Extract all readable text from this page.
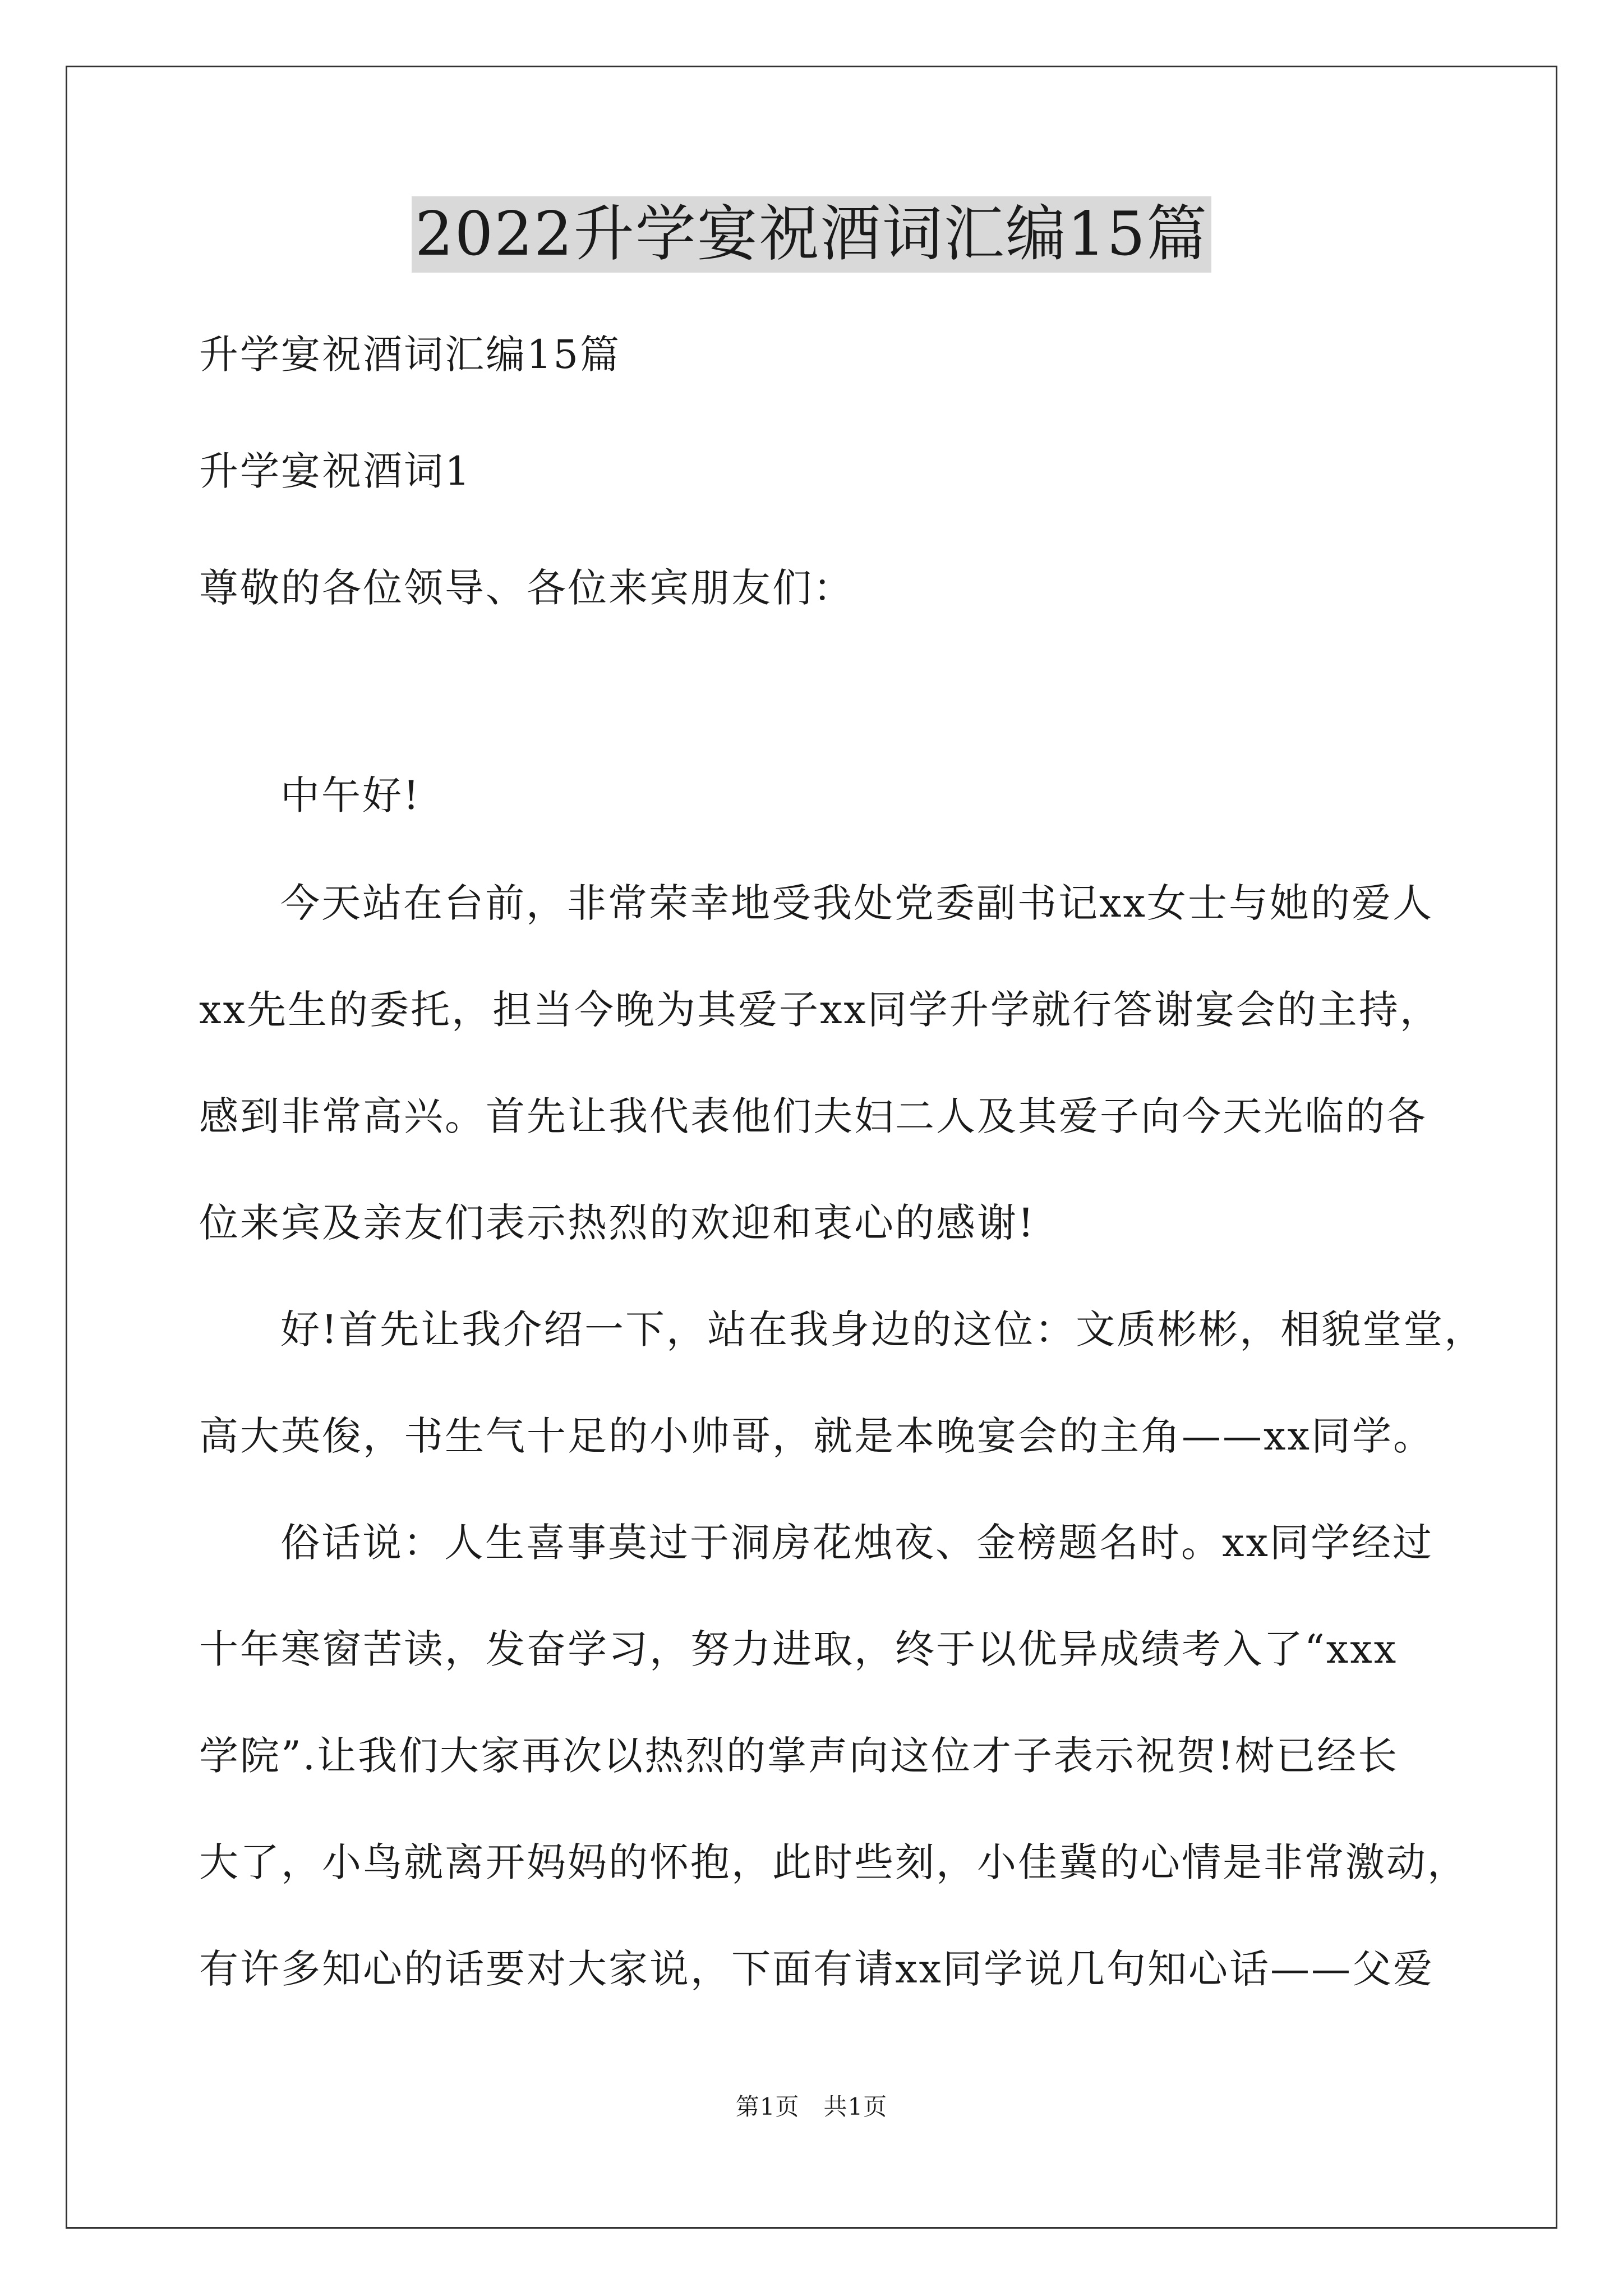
2022升学宴祝酒词汇编15篇
升学宴祝酒词汇编15篇
升学宴祝酒词1
尊敬的各位领导、各位来宾朋友们：
中午好!
今天站在台前，非常荣幸地受我处党委副书记xx女士与她的爱人
xx先生的委托，担当今晚为其爱子xx同学升学就行答谢宴会的主持，
感到非常高兴。首先让我代表他们夫妇二人及其爱子向今天光临的各
位来宾及亲友们表示热烈的欢迎和衷心的感谢!
好!首先让我介绍一下，站在我身边的这位：文质彬彬，相貌堂堂，
高大英俊，书生气十足的小帅哥，就是本晚宴会的主角——xx同学。
俗话说：人生喜事莫过于洞房花烛夜、金榜题名时。xx同学经过
十年寒窗苦读，发奋学习，努力进取，终于以优异成绩考入了“xxx
学院”.让我们大家再次以热烈的掌声向这位才子表示祝贺!树已经长
大了，小鸟就离开妈妈的怀抱，此时些刻，小佳冀的心情是非常激动，
有许多知心的话要对大家说，下面有请xx同学说几句知心话——父爱
第1页　共1页
